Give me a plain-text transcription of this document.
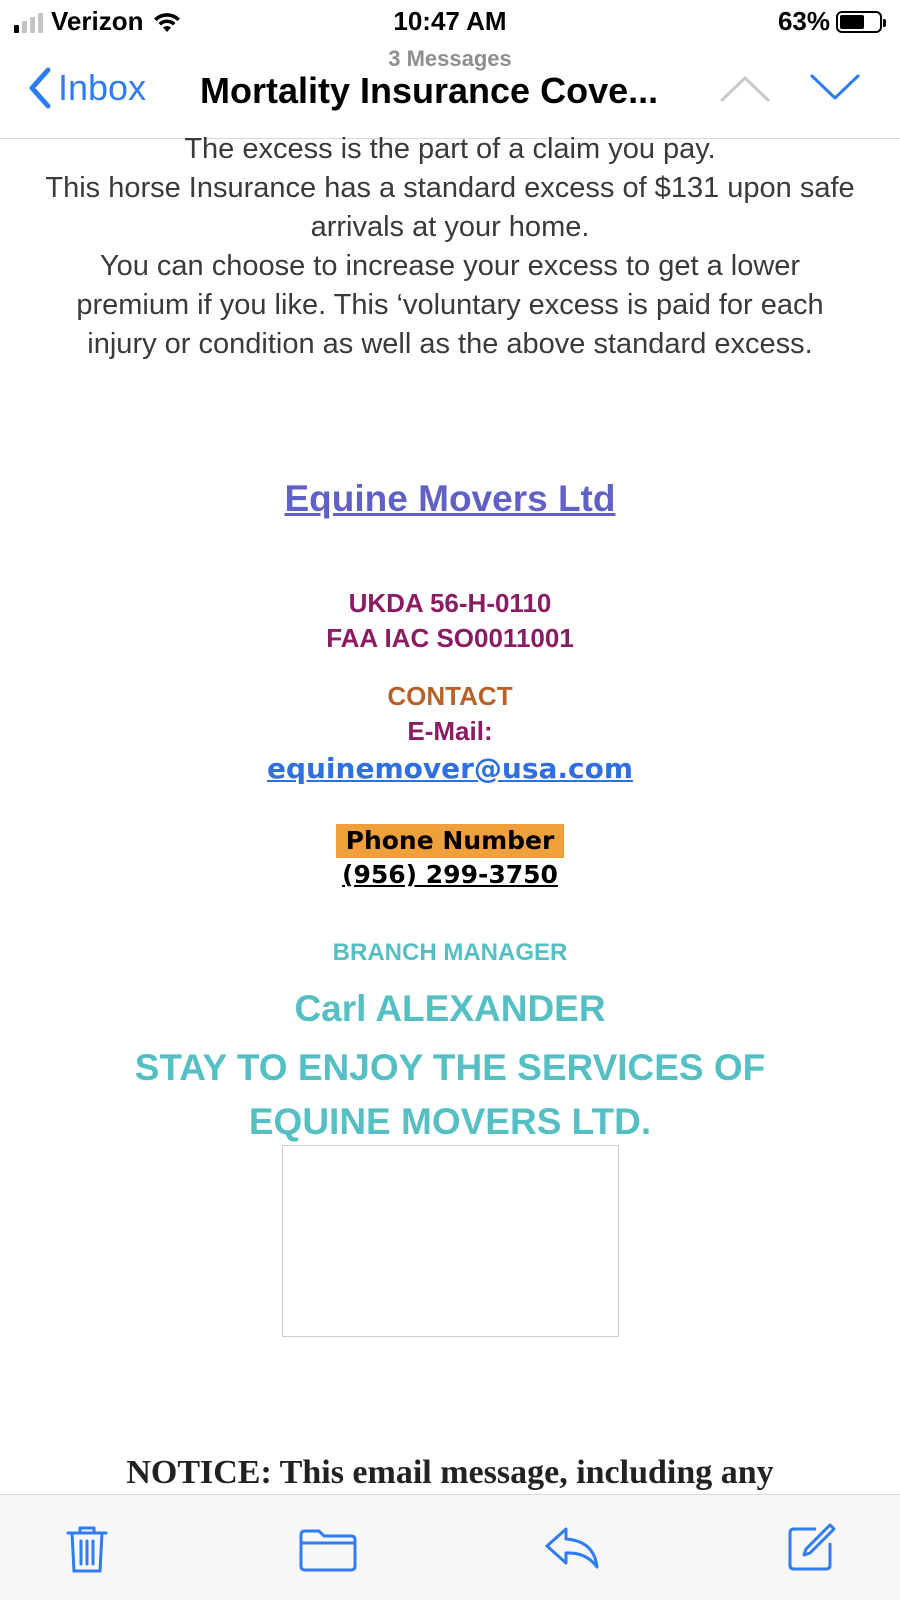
Verizon	10:47 AM	63%
3 Messages
Inbox Mortality Insurance Cove...
The excess is the part of a claim you pay.
This horse Insurance has a standard excess of $131 upon safe arrivals at your home.
You can choose to increase your excess to get a lower premium if you like. This ‘voluntary excess is paid for each injury or condition as well as the above standard excess.
Equine Movers Ltd
UKDA 56-H-0110
FAA IAC SO0011001
CONTACT
E-Mail:
equinemover@usa.com
Phone Number
(956) 299-3750
BRANCH MANAGER
Carl ALEXANDER
STAY TO ENJOY THE SERVICES OF EQUINE MOVERS LTD.
NOTICE: This email message, including any
